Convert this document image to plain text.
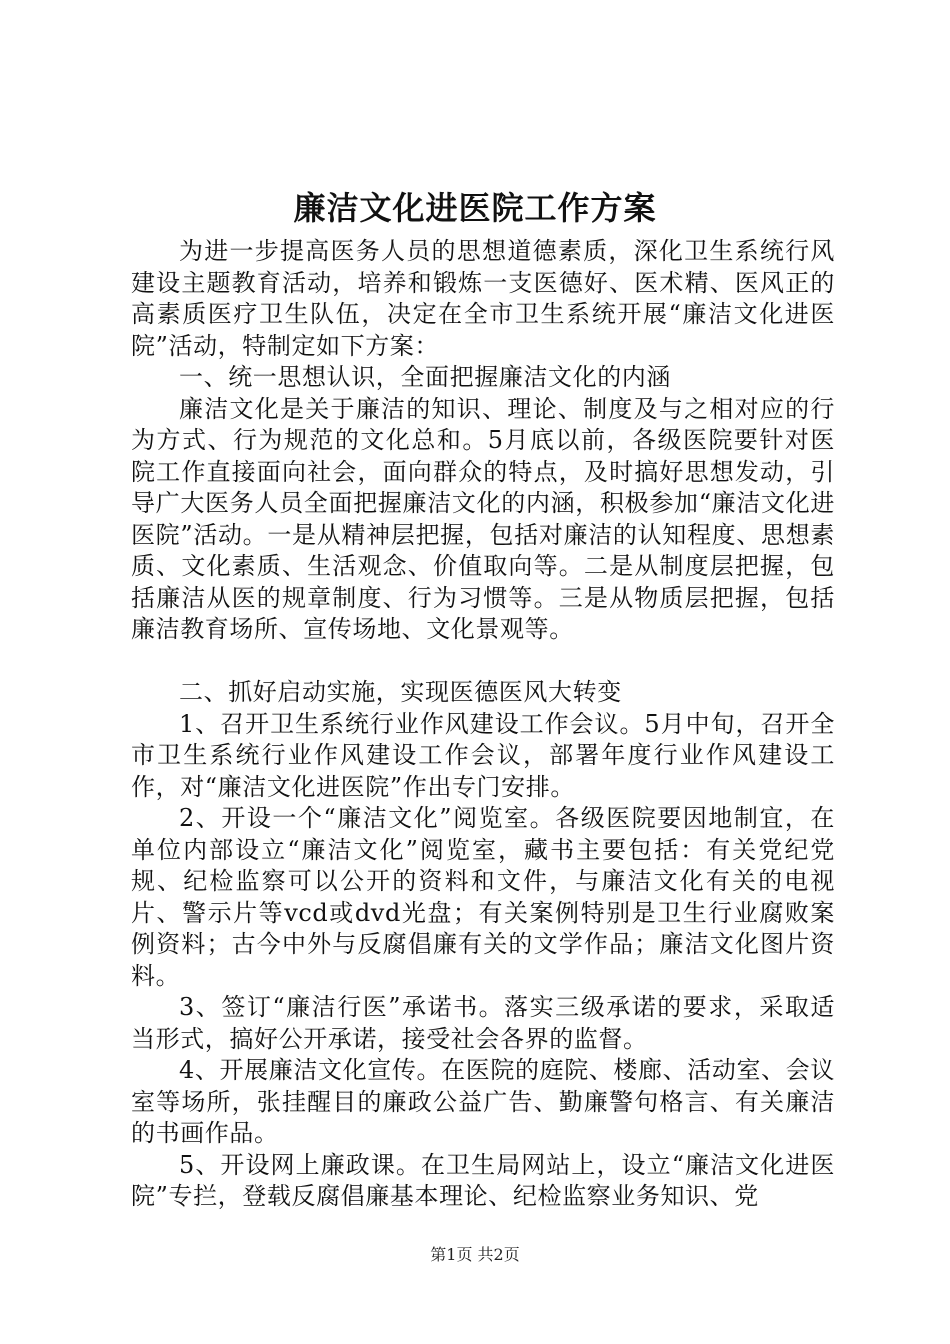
廉洁文化进医院工作方案

为进一步提高医务人员的思想道德素质，深化卫生系统行风建设主题教育活动，培养和锻炼一支医德好、医术精、医风正的高素质医疗卫生队伍，决定在全市卫生系统开展“廉洁文化进医院”活动，特制定如下方案：

一、统一思想认识，全面把握廉洁文化的内涵

廉洁文化是关于廉洁的知识、理论、制度及与之相对应的行为方式、行为规范的文化总和。5月底以前，各级医院要针对医院工作直接面向社会，面向群众的特点，及时搞好思想发动，引导广大医务人员全面把握廉洁文化的内涵，积极参加“廉洁文化进医院”活动。一是从精神层把握，包括对廉洁的认知程度、思想素质、文化素质、生活观念、价值取向等。二是从制度层把握，包括廉洁从医的规章制度、行为习惯等。三是从物质层把握，包括廉洁教育场所、宣传场地、文化景观等。

二、抓好启动实施，实现医德医风大转变

1、召开卫生系统行业作风建设工作会议。5月中旬，召开全市卫生系统行业作风建设工作会议，部署年度行业作风建设工作，对“廉洁文化进医院”作出专门安排。

2、开设一个“廉洁文化”阅览室。各级医院要因地制宜，在单位内部设立“廉洁文化”阅览室，藏书主要包括：有关党纪党规、纪检监察可以公开的资料和文件，与廉洁文化有关的电视片、警示片等vcd或dvd光盘；有关案例特别是卫生行业腐败案例资料；古今中外与反腐倡廉有关的文学作品；廉洁文化图片资料。

3、签订“廉洁行医”承诺书。落实三级承诺的要求，采取适当形式，搞好公开承诺，接受社会各界的监督。

4、开展廉洁文化宣传。在医院的庭院、楼廊、活动室、会议室等场所，张挂醒目的廉政公益广告、勤廉警句格言、有关廉洁的书画作品。

5、开设网上廉政课。在卫生局网站上，设立“廉洁文化进医院”专拦，登载反腐倡廉基本理论、纪检监察业务知识、党

第1页 共2页
